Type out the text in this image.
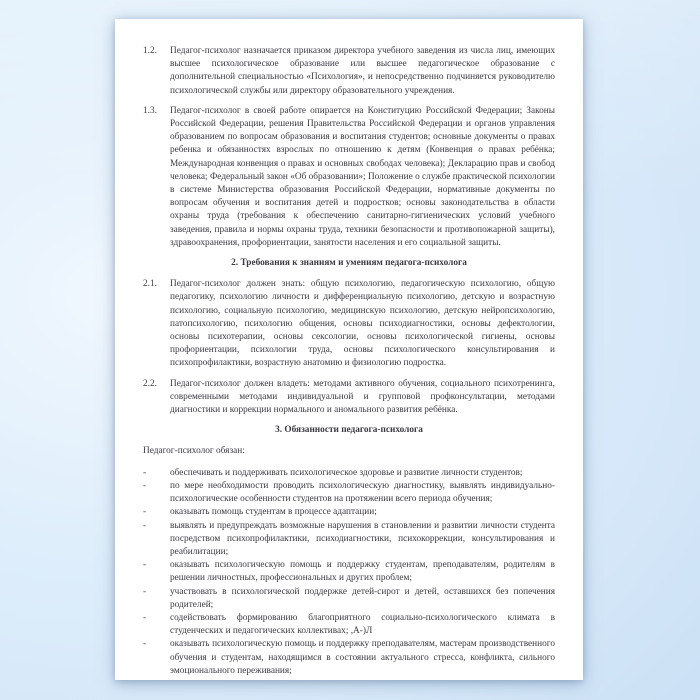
1.2.	Педагог-психолог назначается приказом директора учебного заведения из числа лиц, имеющих высшее психологическое образование или высшее педагогическое образование с дополнительной специальностью «Психология», и непосредственно подчиняется руководителю психологической службы или директору образовательного учреждения.
1.3.	Педагог-психолог в своей работе опирается на Конституцию Российской Федерации; Законы Российской Федерации, решения Правительства Российской Федерации и органов управления образованием по вопросам образования и воспитания студентов; основные документы о правах ребенка и обязанностях взрослых по отношению к детям (Конвенция о правах ребёнка; Международная конвенция о правах и основных свободах человека); Декларацию прав и свобод человека; Федеральный закон «Об образовании»; Положение о службе практической психологии в системе Министерства образования Российской Федерации, нормативные документы по вопросам обучения и воспитания детей и подростков; основы законодательства в области охраны труда (требования к обеспечению санитарно-гигиенических условий учебного заведения, правила и нормы охраны труда, техники безопасности и противопожарной защиты), здравоохранения, профориентации, занятости населения и его социальной защиты.
2. Требования к знаниям и умениям педагога-психолога
2.1.	Педагог-психолог должен знать: общую психологию, педагогическую психологию, общую педагогику, психологию личности и дифференциальную психологию, детскую и возрастную психологию, социальную психологию, медицинскую психологию, детскую нейропсихологию, патопсихологию, психологию общения, основы психодиагностики, основы дефектологии, основы психотерапии, основы сексологии, основы психологической гигиены, основы профориентации, психологии труда, основы психологического консультирования и психопрофилактики, возрастную анатомию и физиологию подростка.
2.2.	Педагог-психолог должен владеть: методами активного обучения, социального психотренинга, современными методами индивидуальной и групповой профконсультации, методами диагностики и коррекции нормального и аномального развития ребёнка.
3. Обязанности педагога-психолога
Педагог-психолог обязан:
-	обеспечивать и поддерживать психологическое здоровье и развитие личности студентов;
-	по мере необходимости проводить психологическую диагностику, выявлять индивидуально-психологические особенности студентов на протяжении всего периода обучения;
-	оказывать помощь студентам в процессе адаптации;
-	выявлять и предупреждать возможные нарушения в становлении и развитии личности студента посредством психопрофилактики, психодиагностики, психокоррекции, консультирования и реабилитации;
-	оказывать психологическую помощь и поддержку студентам, преподавателям, родителям в решении личностных, профессиональных и других проблем;
-	участвовать в психологической поддержке детей-сирот и детей, оставшихся без попечения родителей;
-	содействовать формированию благоприятного социально-психологического климата в студенческих и педагогических коллективах; ,А-)Л
-	оказывать психологическую помощь и поддержку преподавателям, мастерам производственного обучения и студентам, находящимся в состоянии актуального стресса, конфликта, сильного эмоционального переживания;
